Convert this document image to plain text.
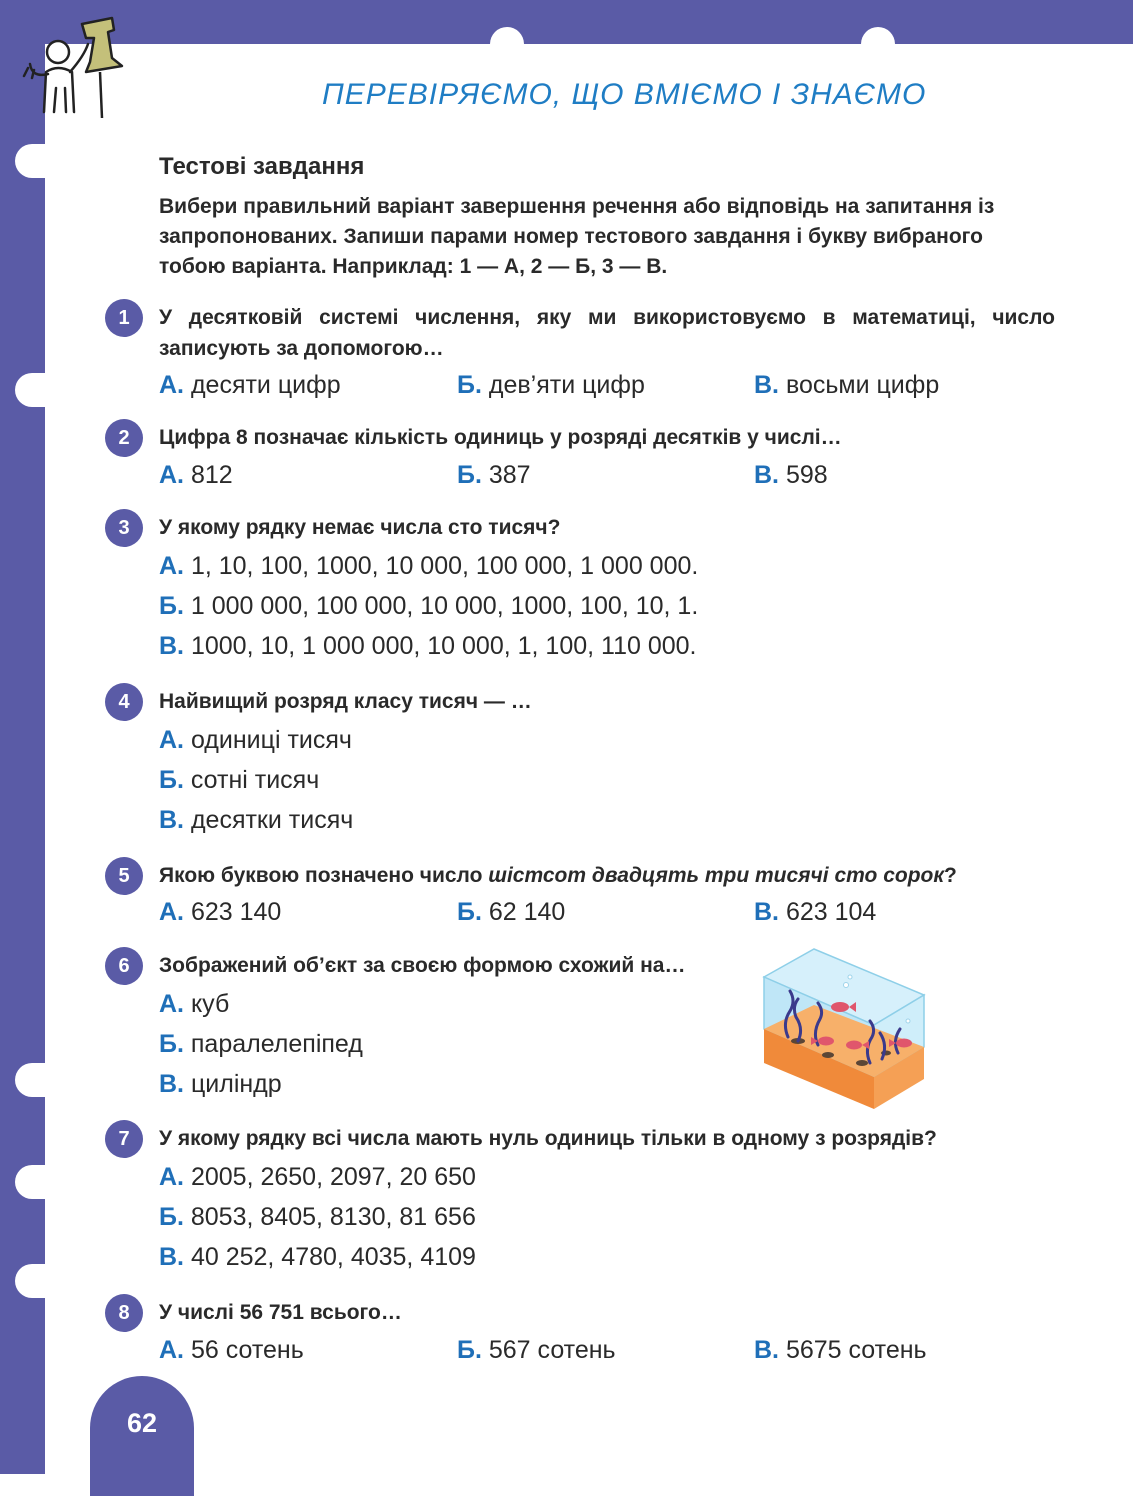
ПЕРЕВІРЯЄМО, ЩО ВМІЄМО І ЗНАЄМО
Тестові завдання
Вибери правильний варіант завершення речення або відповідь на запитання із запропонованих. Запиши парами номер тестового завдання і букву вибраного тобою варіанта. Наприклад: 1 — А, 2 — Б, 3 — В.
1	У десятковій системі числення, яку ми використовуємо в математиці, число записують за допомогою…
А. десяти цифр	Б. дев’яти цифр	В. восьми цифр
2	Цифра 8 позначає кількість одиниць у розряді десятків у числі…
А. 812	Б. 387	В. 598
3	У якому рядку немає числа сто тисяч?
А. 1, 10, 100, 1000, 10 000, 100 000, 1 000 000.
Б. 1 000 000, 100 000, 10 000, 1000, 100, 10, 1.
В. 1000, 10, 1 000 000, 10 000, 1, 100, 110 000.
4	Найвищий розряд класу тисяч — …
А. одиниці тисяч
Б. сотні тисяч
В. десятки тисяч
5	Якою буквою позначено число шістсот двадцять три тисячі сто сорок?
А. 623 140	Б. 62 140	В. 623 104
6	Зображений об’єкт за своєю формою схожий на…
А. куб
Б. паралелепіпед
В. циліндр
7	У якому рядку всі числа мають нуль одиниць тільки в одному з розрядів?
А. 2005, 2650, 2097, 20 650
Б. 8053, 8405, 8130, 81 656
В. 40 252, 4780, 4035, 4109
8	У числі 56 751 всього…
А. 56 сотень	Б. 567 сотень	В. 5675 сотень
62
